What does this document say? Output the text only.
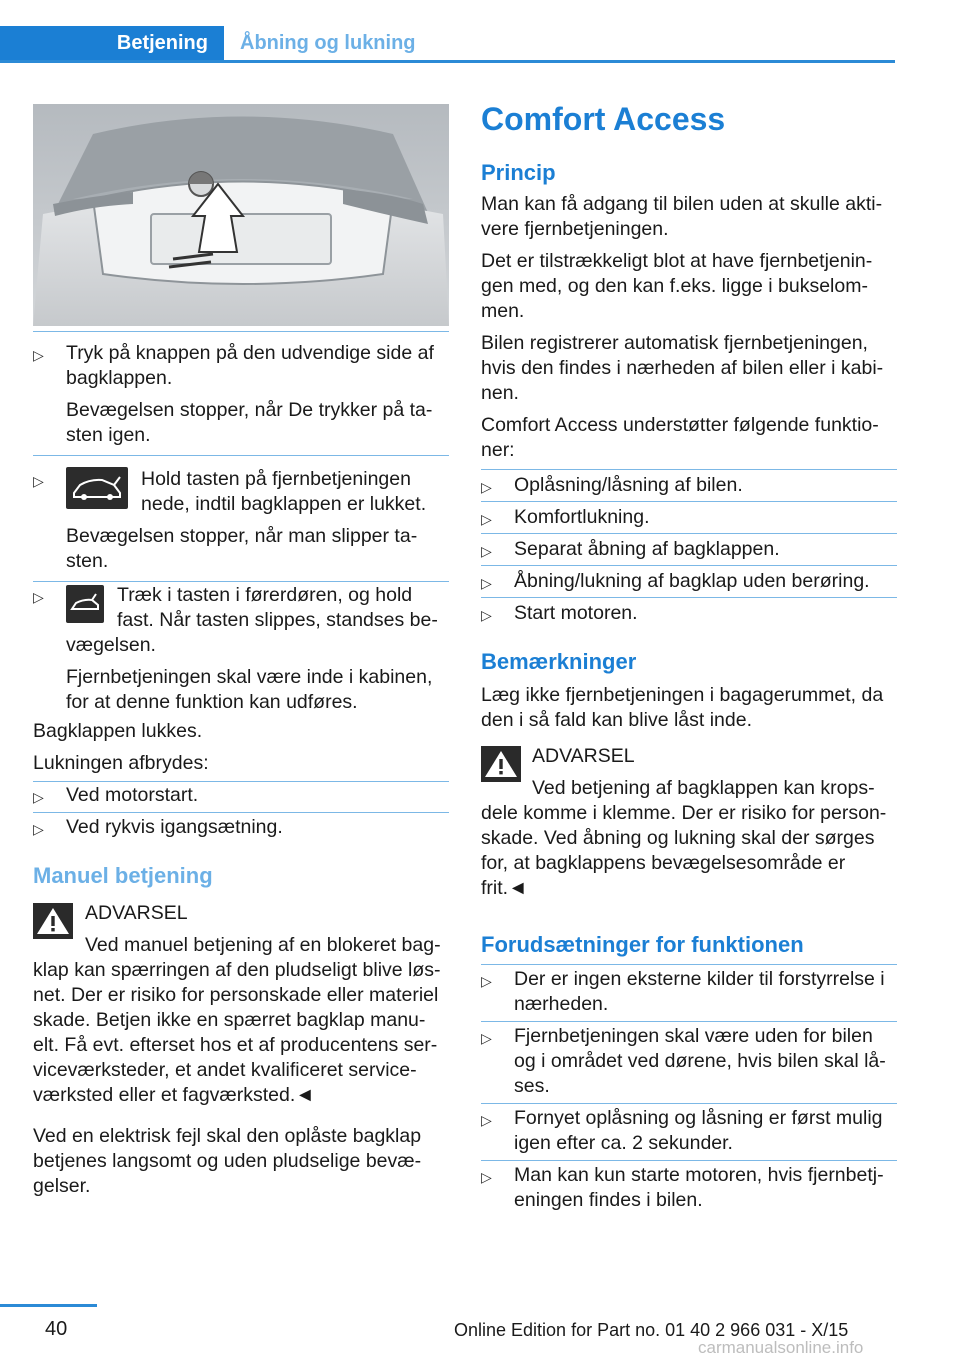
Betjening	Åbning og lukning
▷ Tryk på knappen på den udvendige side af

bagklappen.

Bevægelsen stopper, når De trykker på ta-

sten igen.

▷	Hold tasten på fjernbetjeningen

nede, indtil bagklappen er lukket.

Bevægelsen stopper, når man slipper ta-

sten.

▷	Træk i tasten i førerdøren, og hold

fast. Når tasten slippes, standses be-

vægelsen.

Fjernbetjeningen skal være inde i kabinen,

for at denne funktion kan udføres.

Bagklappen lukkes.

Lukningen afbrydes:

▷ Ved motorstart.

▷ Ved rykvis igangsætning.

Manuel betjening

ADVARSEL

Ved manuel betjening af en blokeret bag-

klap kan spærringen af den pludseligt blive løs-

net. Der er risiko for personskade eller materiel

skade. Betjen ikke en spærret bagklap manu-

elt. Få evt. efterset hos et af producentens ser-

viceværksteder, et andet kvalificeret service-

værksted eller et fagværksted.◄

Ved en elektrisk fejl skal den oplåste bagklap

betjenes langsomt og uden pludselige bevæ-

gelser.

Comfort Access

Princip

Man kan få adgang til bilen uden at skulle akti-

vere fjernbetjeningen.

Det er tilstrækkeligt blot at have fjernbetjenin-

gen med, og den kan f.eks. ligge i bukselom-

men.

Bilen registrerer automatisk fjernbetjeningen,

hvis den findes i nærheden af bilen eller i kabi-

nen.

Comfort Access understøtter følgende funktio-

ner:

▷ Oplåsning/låsning af bilen.

▷ Komfortlukning.

▷ Separat åbning af bagklappen.

▷ Åbning/lukning af bagklap uden berøring.

▷ Start motoren.

Bemærkninger

Læg ikke fjernbetjeningen i bagagerummet, da

den i så fald kan blive låst inde.

ADVARSEL

Ved betjening af bagklappen kan krops-

dele komme i klemme. Der er risiko for person-

skade. Ved åbning og lukning skal der sørges

for, at bagklappens bevægelsesområde er

frit.◄

Forudsætninger for funktionen

▷ Der er ingen eksterne kilder til forstyrrelse i

nærheden.

▷ Fjernbetjeningen skal være uden for bilen

og i området ved dørene, hvis bilen skal lå-

ses.

▷ Fornyet oplåsning og låsning er først mulig

igen efter ca. 2 sekunder.

▷ Man kan kun starte motoren, hvis fjernbetj-

eningen findes i bilen.

40	Online Edition for Part no. 01 40 2 966 031 - X/15
carmanualsonline.info
